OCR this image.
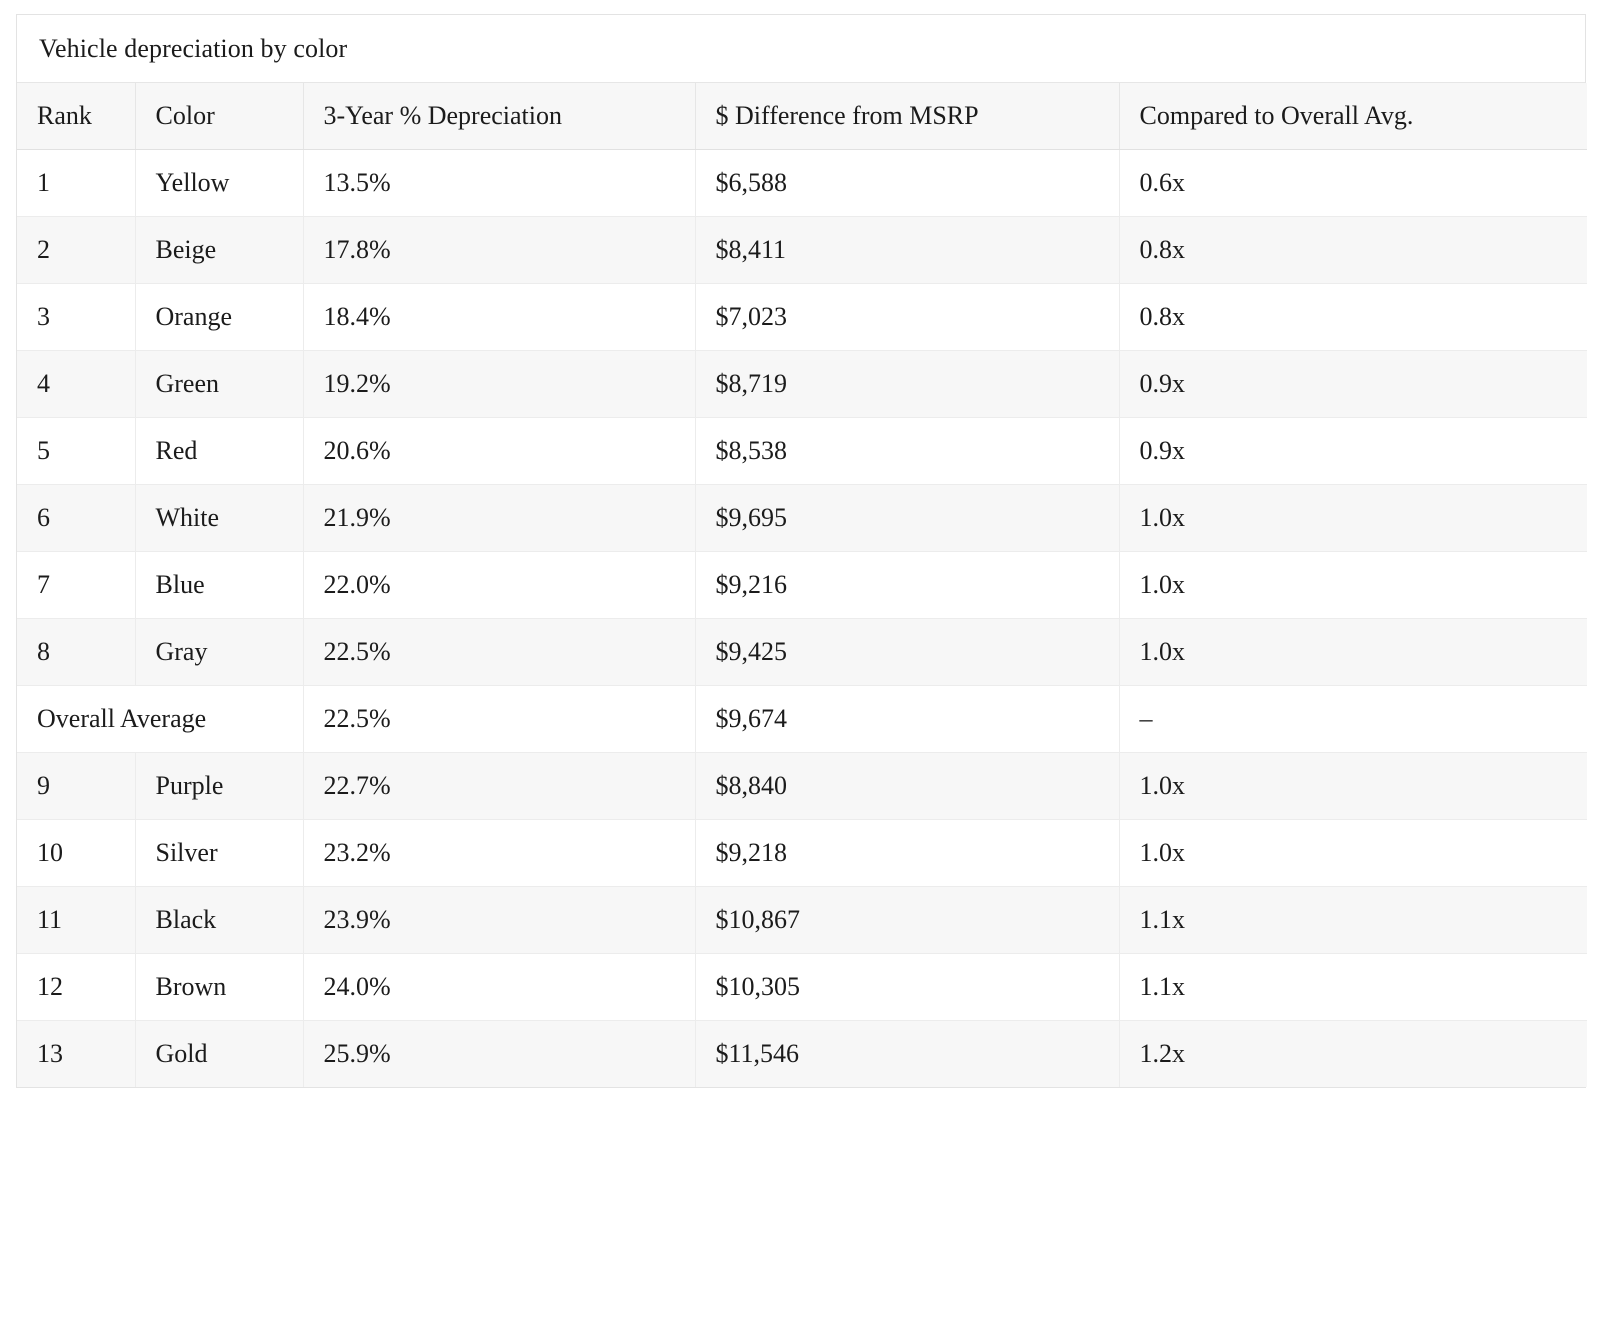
Vehicle depreciation by color
Rank	Color	3-Year % Depreciation	$ Difference from MSRP	Compared to Overall Avg.
1	Yellow	13.5%	$6,588	0.6x
2	Beige	17.8%	$8,411	0.8x
3	Orange	18.4%	$7,023	0.8x
4	Green	19.2%	$8,719	0.9x
5	Red	20.6%	$8,538	0.9x
6	White	21.9%	$9,695	1.0x
7	Blue	22.0%	$9,216	1.0x
8	Gray	22.5%	$9,425	1.0x
Overall Average		22.5%	$9,674	–
9	Purple	22.7%	$8,840	1.0x
10	Silver	23.2%	$9,218	1.0x
11	Black	23.9%	$10,867	1.1x
12	Brown	24.0%	$10,305	1.1x
13	Gold	25.9%	$11,546	1.2x
